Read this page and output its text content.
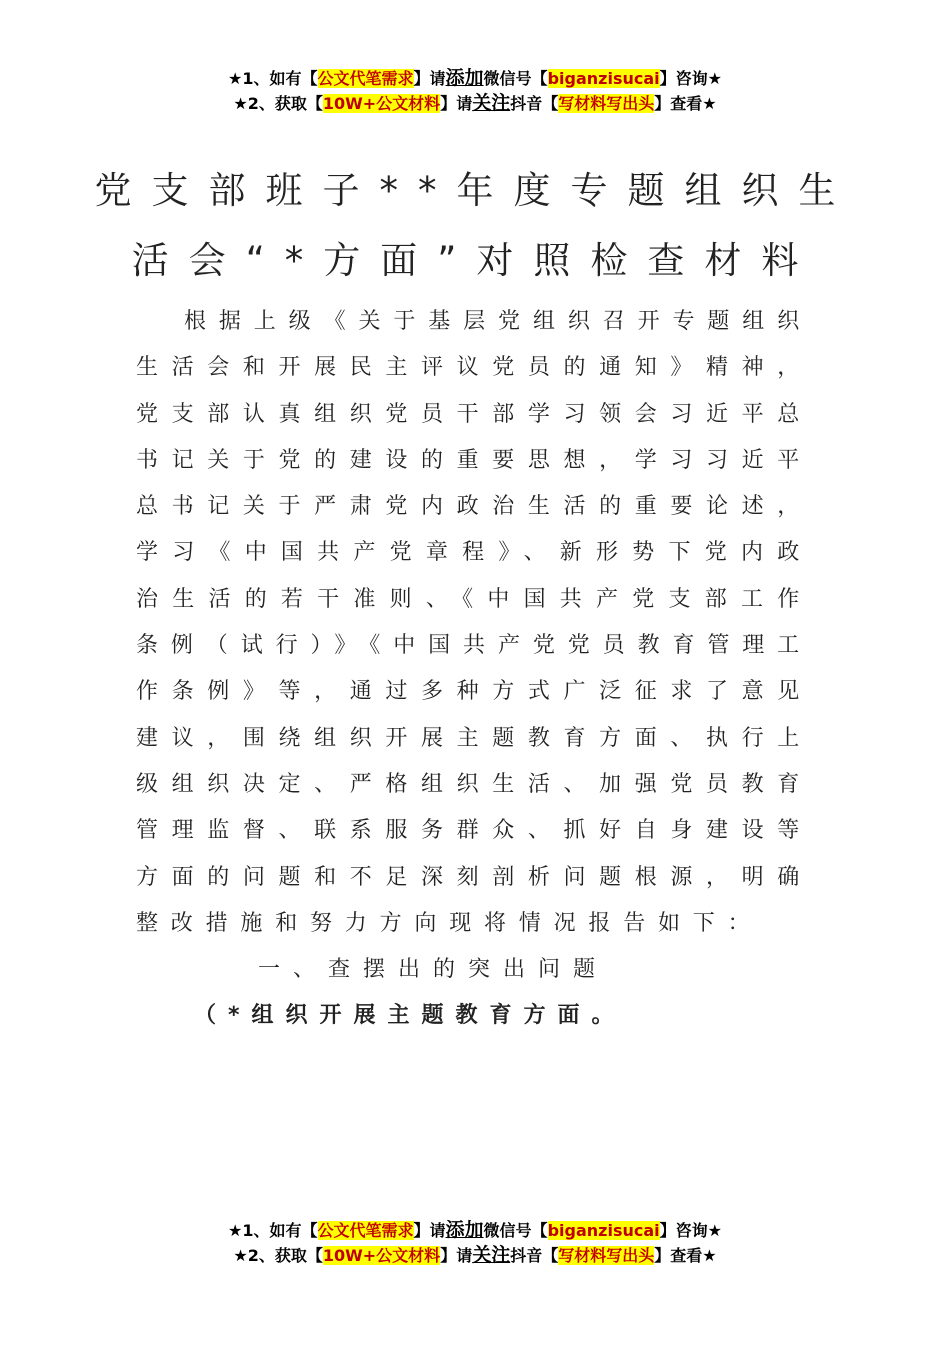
★1、如有【公文代笔需求】请添加微信号【biganzisucai】咨询★
★2、获取【10W+公文材料】请关注抖音【写材料写出头】查看★
党支部班子**年度专题组织生
活会“*方面”对照检查材料
根据上级《关于基层党组织召开专题组织生活会和开展民主评议党员的通知》精神，党支部认真组织党员干部学习领会习近平总书记关于党的建设的重要思想，学习习近平总书记关于严肃党内政治生活的重要论述，学习《中国共产党章程》、新形势下党内政治生活的若干准则、《中国共产党支部工作条例（试行）》《中国共产党党员教育管理工作条例》等，通过多种方式广泛征求了意见建议，围绕组织开展主题教育方面、执行上级组织决定、严格组织生活、加强党员教育管理监督、联系服务群众、抓好自身建设等方面的问题和不足深刻剖析问题根源，明确整改措施和努力方向现将情况报告如下：
一、查摆出的突出问题
（*组织开展主题教育方面。
★1、如有【公文代笔需求】请添加微信号【biganzisucai】咨询★
★2、获取【10W+公文材料】请关注抖音【写材料写出头】查看★
